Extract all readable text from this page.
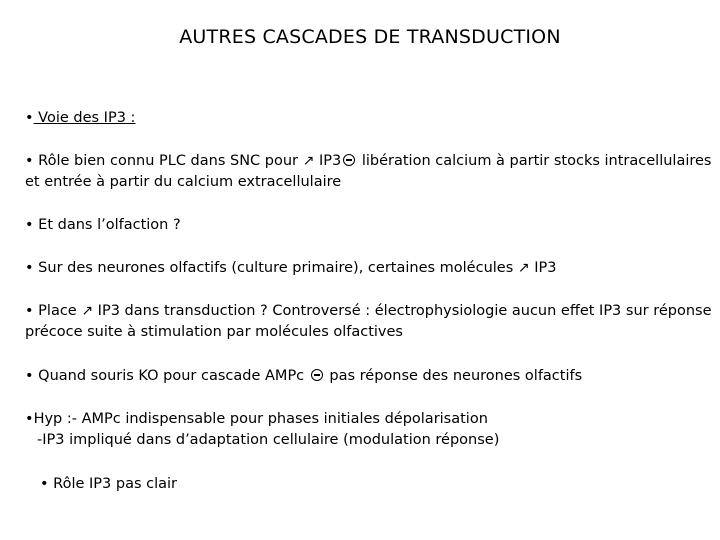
AUTRES CASCADES DE TRANSDUCTION
• Voie des IP3 :
• Rôle bien connu PLC dans SNC pour ↗ IP3 libération calcium à partir stocks intracellulaires
et entrée à partir du calcium extracellulaire
• Et dans l’olfaction ?
• Sur des neurones olfactifs (culture primaire), certaines molécules ↗ IP3
• Place ↗ IP3 dans transduction ? Controversé : électrophysiologie aucun effet IP3 sur réponse
précoce suite à stimulation par molécules olfactives
• Quand souris KO pour cascade AMPc  pas réponse des neurones olfactifs
•Hyp :- AMPc indispensable pour phases initiales dépolarisation
-IP3 impliqué dans d’adaptation cellulaire (modulation réponse)
• Rôle IP3 pas clair
